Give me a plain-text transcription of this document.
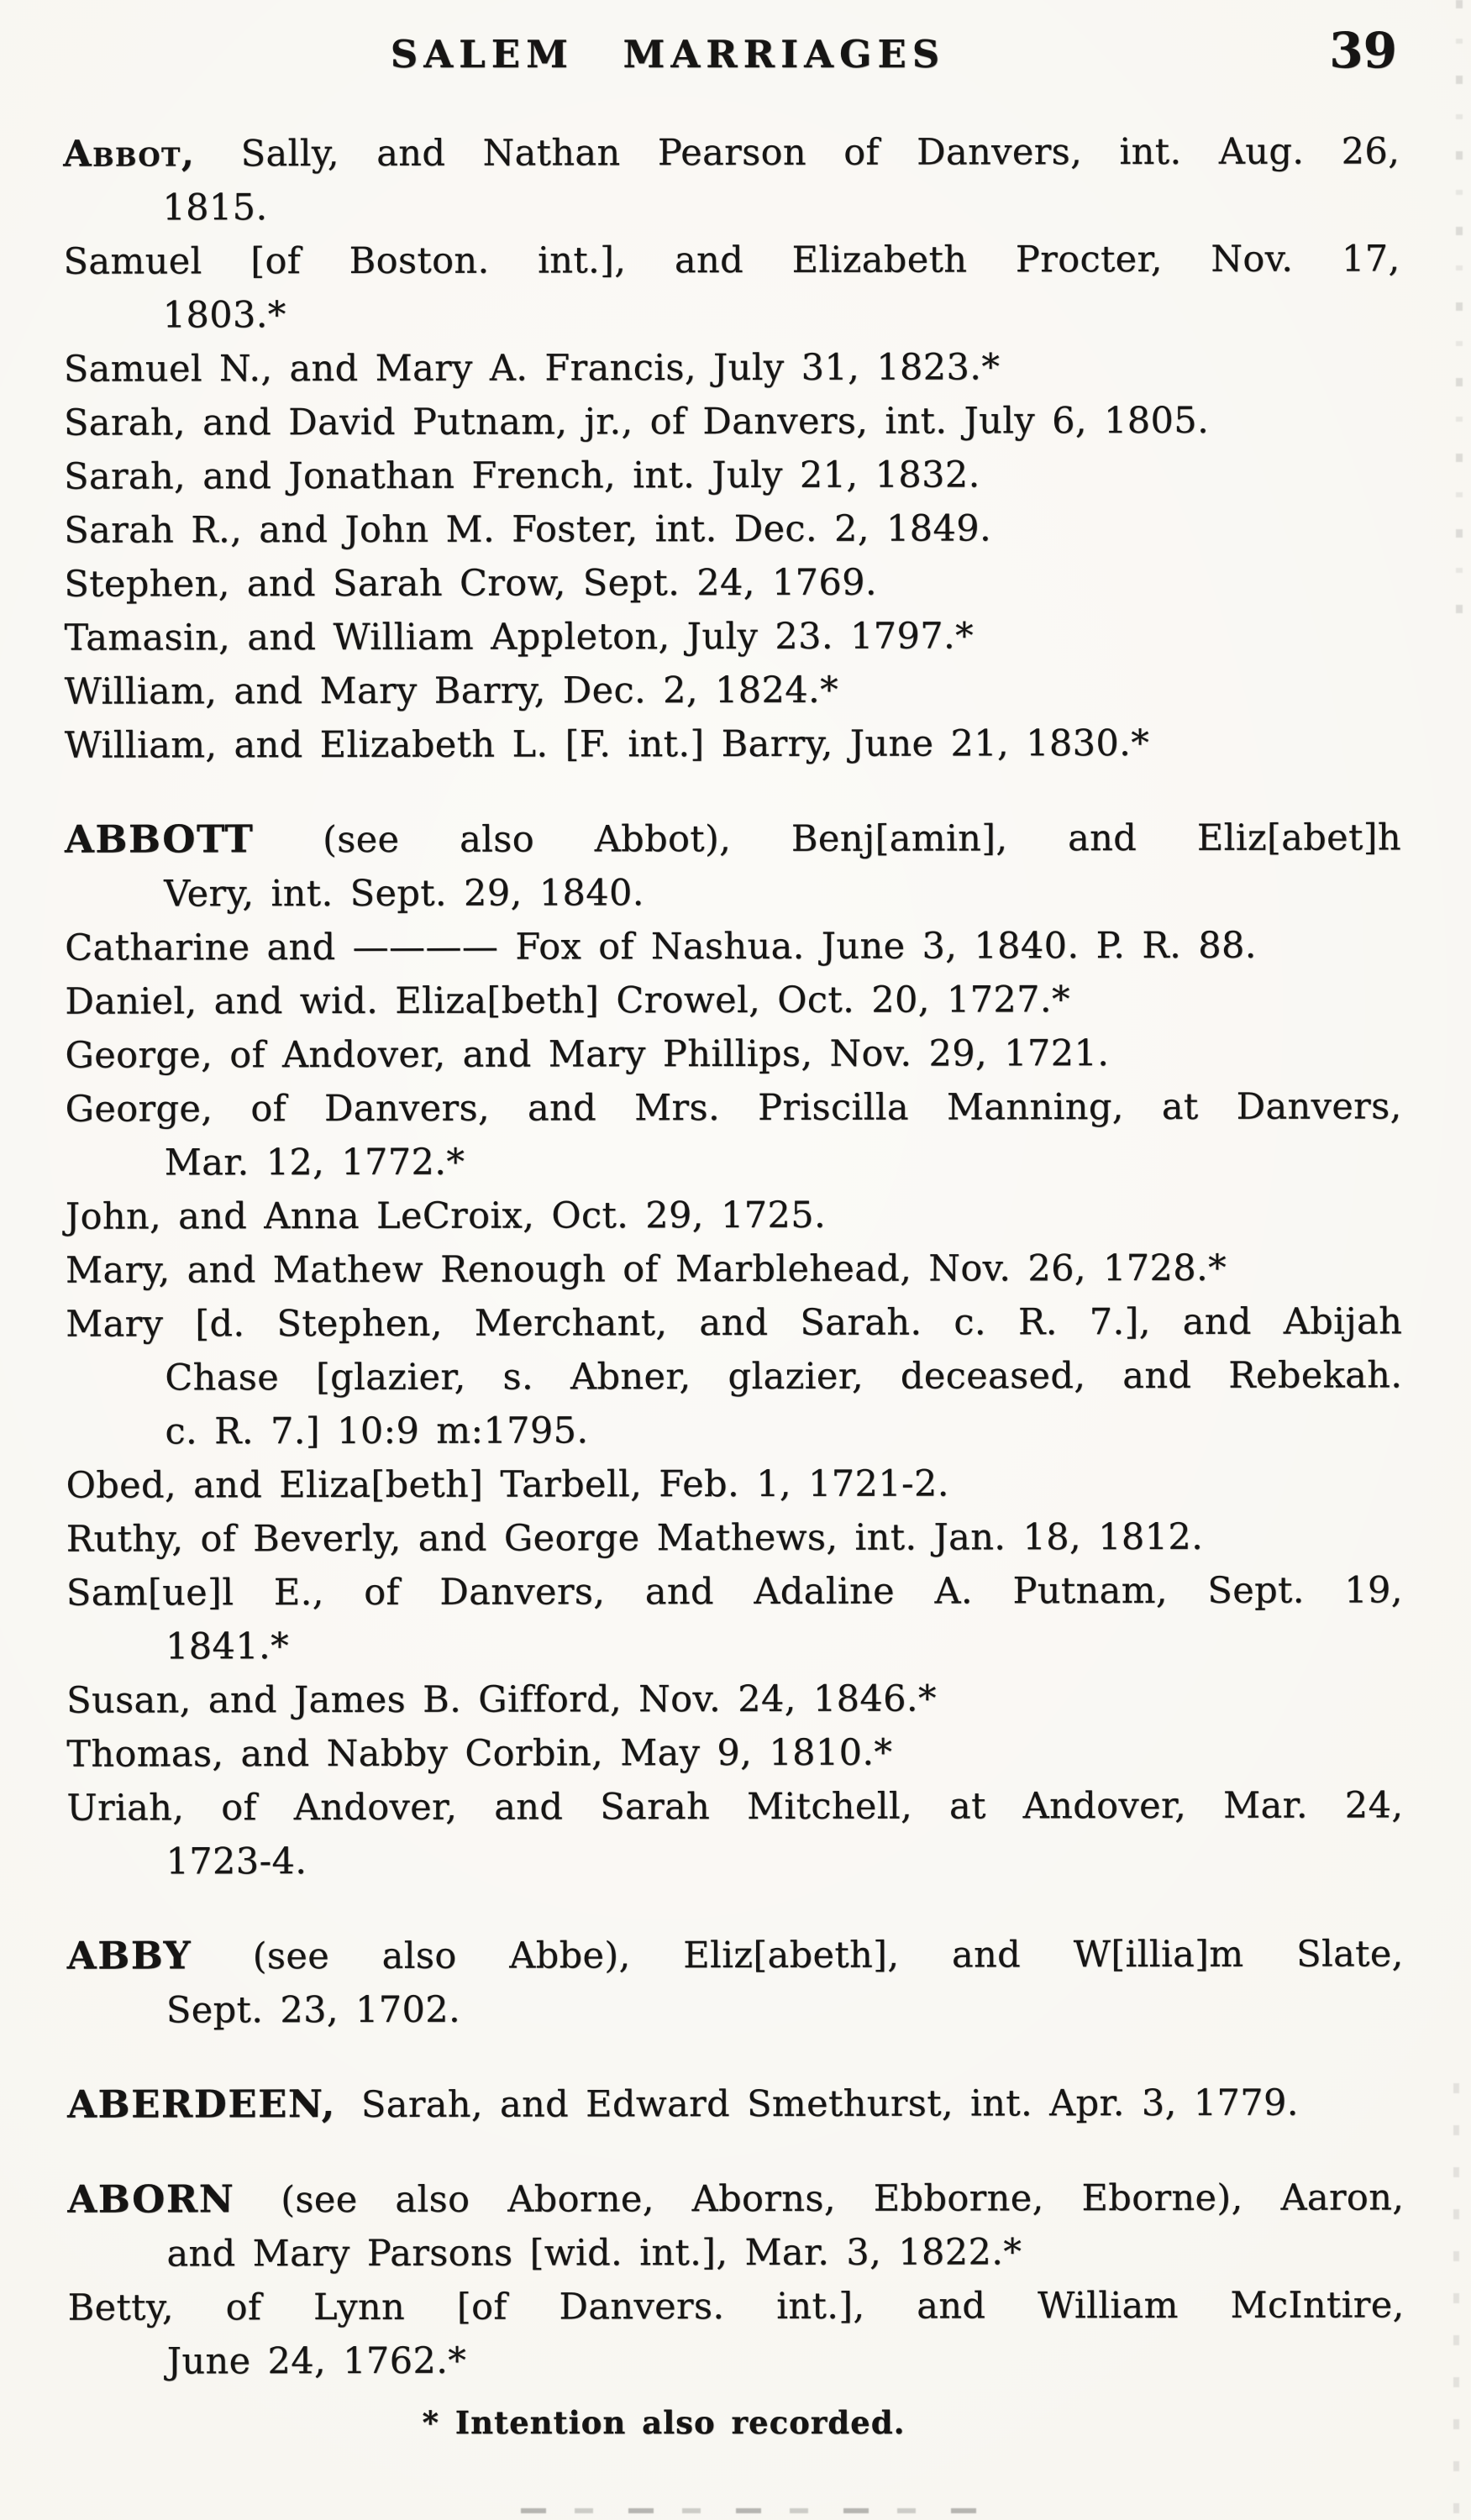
SALEM MARRIAGES	39
Abbot, Sally, and Nathan Pearson of Danvers, int. Aug. 26,
1815.
Samuel [of Boston. int.], and Elizabeth Procter, Nov. 17,
1803.*
Samuel N., and Mary A. Francis, July 31, 1823.*
Sarah, and David Putnam, jr., of Danvers, int. July 6, 1805.
Sarah, and Jonathan French, int. July 21, 1832.
Sarah R., and John M. Foster, int. Dec. 2, 1849.
Stephen, and Sarah Crow, Sept. 24, 1769.
Tamasin, and William Appleton, July 23. 1797.*
William, and Mary Barry, Dec. 2, 1824.*
William, and Elizabeth L. [F. int.] Barry, June 21, 1830.*
ABBOTT (see also Abbot), Benj[amin], and Eliz[abet]h
Very, int. Sept. 29, 1840.
Catharine and ———— Fox of Nashua. June 3, 1840. P. R. 88.
Daniel, and wid. Eliza[beth] Crowel, Oct. 20, 1727.*
George, of Andover, and Mary Phillips, Nov. 29, 1721.
George, of Danvers, and Mrs. Priscilla Manning, at Danvers,
Mar. 12, 1772.*
John, and Anna LeCroix, Oct. 29, 1725.
Mary, and Mathew Renough of Marblehead, Nov. 26, 1728.*
Mary [d. Stephen, Merchant, and Sarah. c. R. 7.], and Abijah
Chase [glazier, s. Abner, glazier, deceased, and Rebekah.
c. R. 7.] 10:9 m:1795.
Obed, and Eliza[beth] Tarbell, Feb. 1, 1721-2.
Ruthy, of Beverly, and George Mathews, int. Jan. 18, 1812.
Sam[ue]l E., of Danvers, and Adaline A. Putnam, Sept. 19,
1841.*
Susan, and James B. Gifford, Nov. 24, 1846.*
Thomas, and Nabby Corbin, May 9, 1810.*
Uriah, of Andover, and Sarah Mitchell, at Andover, Mar. 24,
1723-4.
ABBY (see also Abbe), Eliz[abeth], and W[illia]m Slate,
Sept. 23, 1702.
ABERDEEN, Sarah, and Edward Smethurst, int. Apr. 3, 1779.
ABORN (see also Aborne, Aborns, Ebborne, Eborne), Aaron,
and Mary Parsons [wid. int.], Mar. 3, 1822.*
Betty, of Lynn [of Danvers. int.], and William McIntire,
June 24, 1762.*
* Intention also recorded.
